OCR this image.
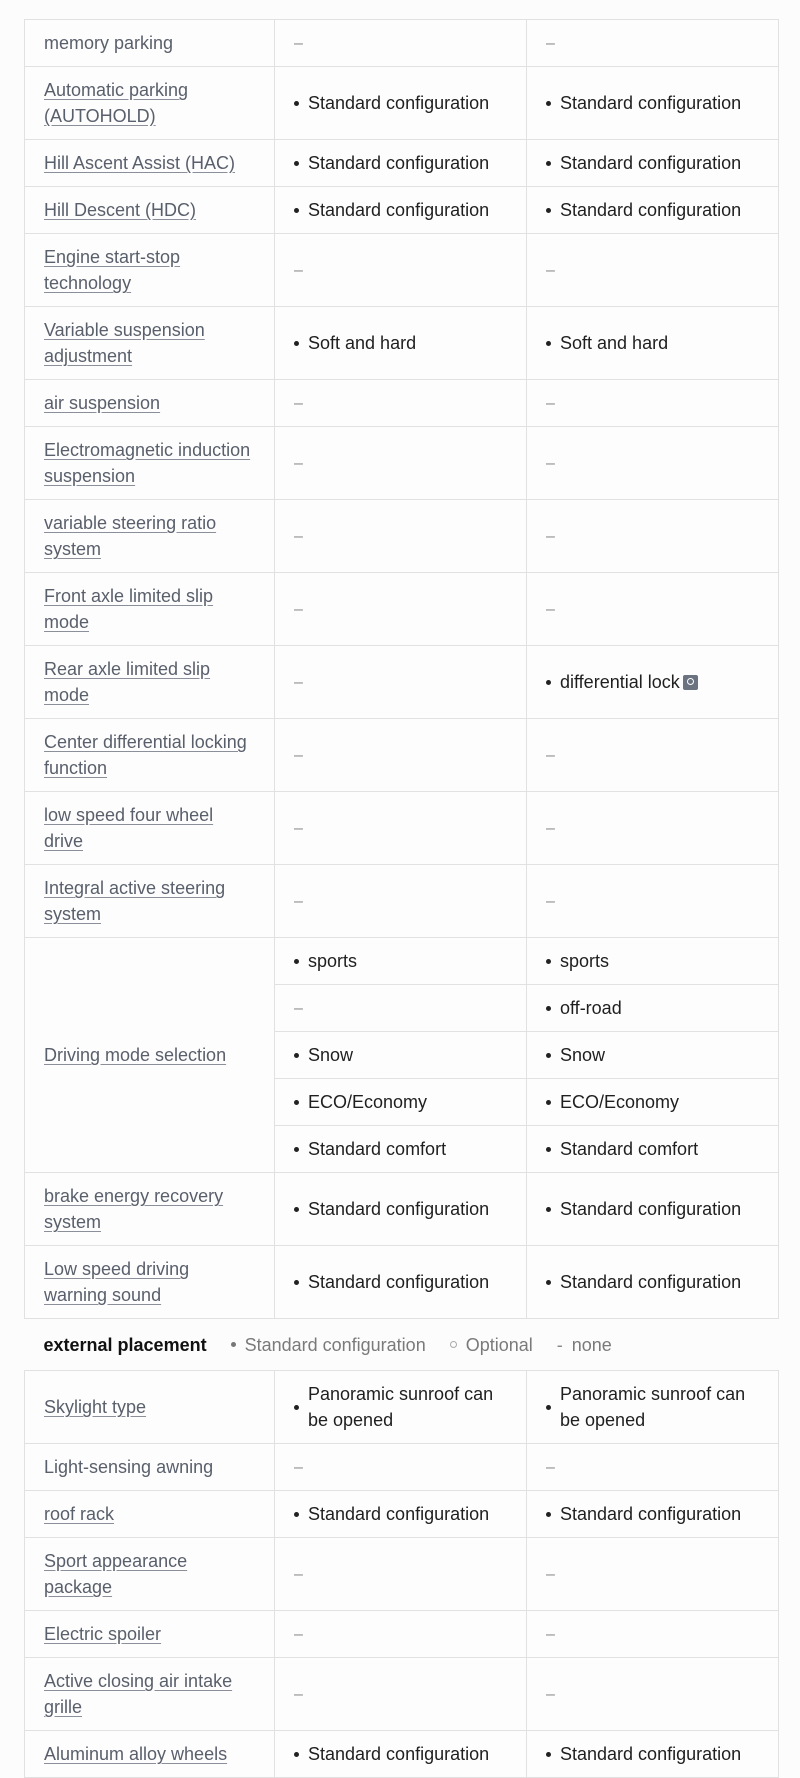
memory parking	–	–
Automatic parking (AUTOHOLD)	Standard configuration	Standard configuration

Hill Ascent Assist (HAC)	Standard configuration	Standard configuration

Hill Descent (HDC)	Standard configuration	Standard configuration

Engine start-stop technology	–	–
Variable suspension adjustment	Soft and hard	Soft and hard

air suspension	–	–
Electromagnetic induction suspension	–	–
variable steering ratio system	–	–
Front axle limited slip mode	–	–
Rear axle limited slip mode	–	differential lock

Center differential locking function	–	–
low speed four wheel drive	–	–
Integral active steering system	–	–
Driving mode selection	sports	sports

	–	off-road

	Snow	Snow

	ECO/Economy	ECO/Economy

	Standard comfort	Standard comfort

brake energy recovery system	Standard configuration	Standard configuration

Low speed driving warning sound	Standard configuration	Standard configuration

external placement Standard configuration Optional - none		

Skylight type	Panoramic sunroof can be opened	Panoramic sunroof can be opened

Light-sensing awning	–	–
roof rack	Standard configuration	Standard configuration

Sport appearance package	–	–
Electric spoiler	–	–
Active closing air intake grille	–	–
Aluminum alloy wheels	Standard configuration	Standard configuration
